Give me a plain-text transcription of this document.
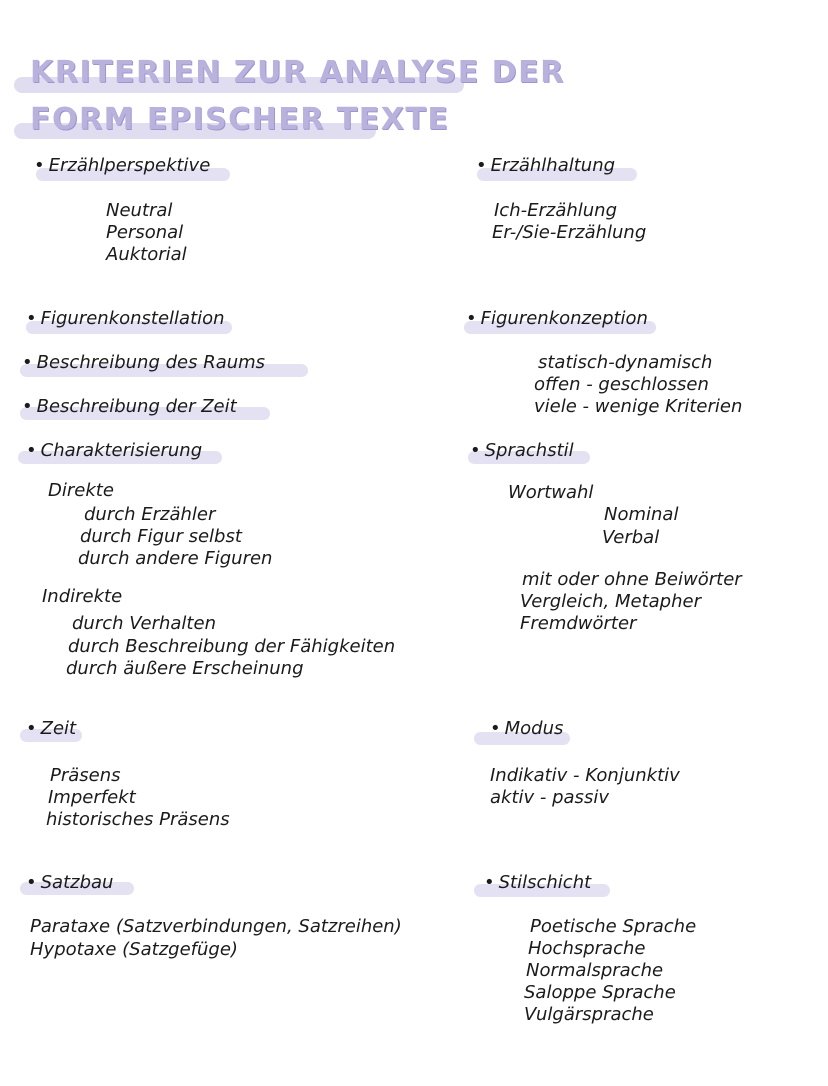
KRITERIEN ZUR ANALYSE DER
FORM EPISCHER TEXTE
• Erzählperspektive
Neutral
Personal
Auktorial
• Erzählhaltung
Ich-Erzählung
Er-/Sie-Erzählung
• Figurenkonstellation	• Figurenkonzeption
statisch-dynamisch
offen - geschlossen
viele - wenige Kriterien
• Beschreibung des Raums
• Beschreibung der Zeit
• Charakterisierung
Direkte
durch Erzähler
durch Figur selbst
durch andere Figuren
Indirekte
durch Verhalten
durch Beschreibung der Fähigkeiten
durch äußere Erscheinung
• Sprachstil
Wortwahl
Nominal
Verbal
mit oder ohne Beiwörter
Vergleich, Metapher
Fremdwörter
• Zeit
Präsens
Imperfekt
historisches Präsens
• Modus
Indikativ - Konjunktiv
aktiv - passiv
• Satzbau
Parataxe (Satzverbindungen, Satzreihen)
Hypotaxe (Satzgefüge)
• Stilschicht
Poetische Sprache
Hochsprache
Normalsprache
Saloppe Sprache
Vulgärsprache
